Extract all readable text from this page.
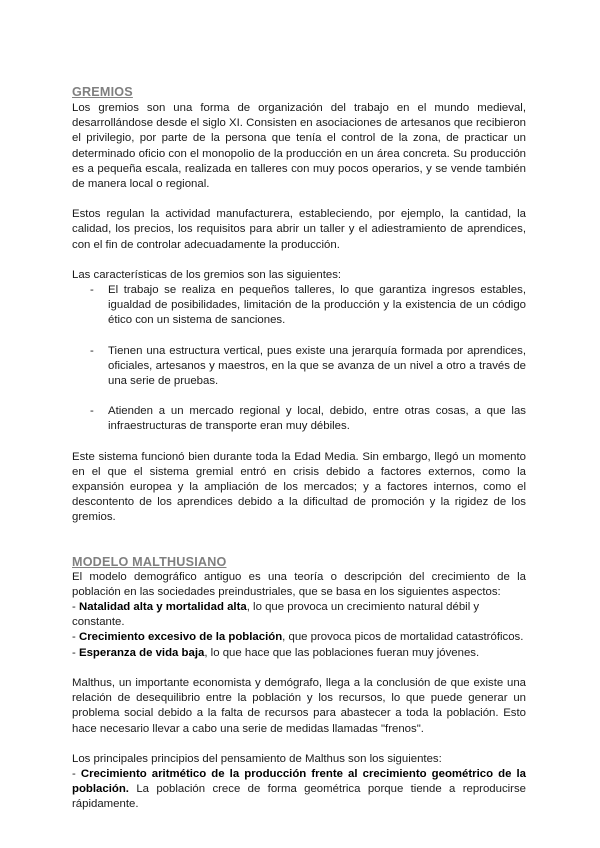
GREMIOS

Los gremios son una forma de organización del trabajo en el mundo medieval, desarrollándose desde el siglo XI. Consisten en asociaciones de artesanos que recibieron el privilegio, por parte de la persona que tenía el control de la zona, de practicar un determinado oficio con el monopolio de la producción en un área concreta. Su producción es a pequeña escala, realizada en talleres con muy pocos operarios, y se vende también de manera local o regional.

Estos regulan la actividad manufacturera, estableciendo, por ejemplo, la cantidad, la calidad, los precios, los requisitos para abrir un taller y el adiestramiento de aprendices, con el fin de controlar adecuadamente la producción.

Las características de los gremios son las siguientes:

- El trabajo se realiza en pequeños talleres, lo que garantiza ingresos estables, igualdad de posibilidades, limitación de la producción y la existencia de un código ético con un sistema de sanciones.
- Tienen una estructura vertical, pues existe una jerarquía formada por aprendices, oficiales, artesanos y maestros, en la que se avanza de un nivel a otro a través de una serie de pruebas.
- Atienden a un mercado regional y local, debido, entre otras cosas, a que las infraestructuras de transporte eran muy débiles.

Este sistema funcionó bien durante toda la Edad Media. Sin embargo, llegó un momento en el que el sistema gremial entró en crisis debido a factores externos, como la expansión europea y la ampliación de los mercados; y a factores internos, como el descontento de los aprendices debido a la dificultad de promoción y la rigidez de los gremios.

MODELO MALTHUSIANO

El modelo demográfico antiguo es una teoría o descripción del crecimiento de la población en las sociedades preindustriales, que se basa en los siguientes aspectos:

- Natalidad alta y mortalidad alta, lo que provoca un crecimiento natural débil y constante.

- Crecimiento excesivo de la población, que provoca picos de mortalidad catastróficos.

- Esperanza de vida baja, lo que hace que las poblaciones fueran muy jóvenes.

Malthus, un importante economista y demógrafo, llega a la conclusión de que existe una relación de desequilibrio entre la población y los recursos, lo que puede generar un problema social debido a la falta de recursos para abastecer a toda la población. Esto hace necesario llevar a cabo una serie de medidas llamadas "frenos".

Los principales principios del pensamiento de Malthus son los siguientes:

- Crecimiento aritmético de la producción frente al crecimiento geométrico de la población. La población crece de forma geométrica porque tiende a reproducirse rápidamente.
